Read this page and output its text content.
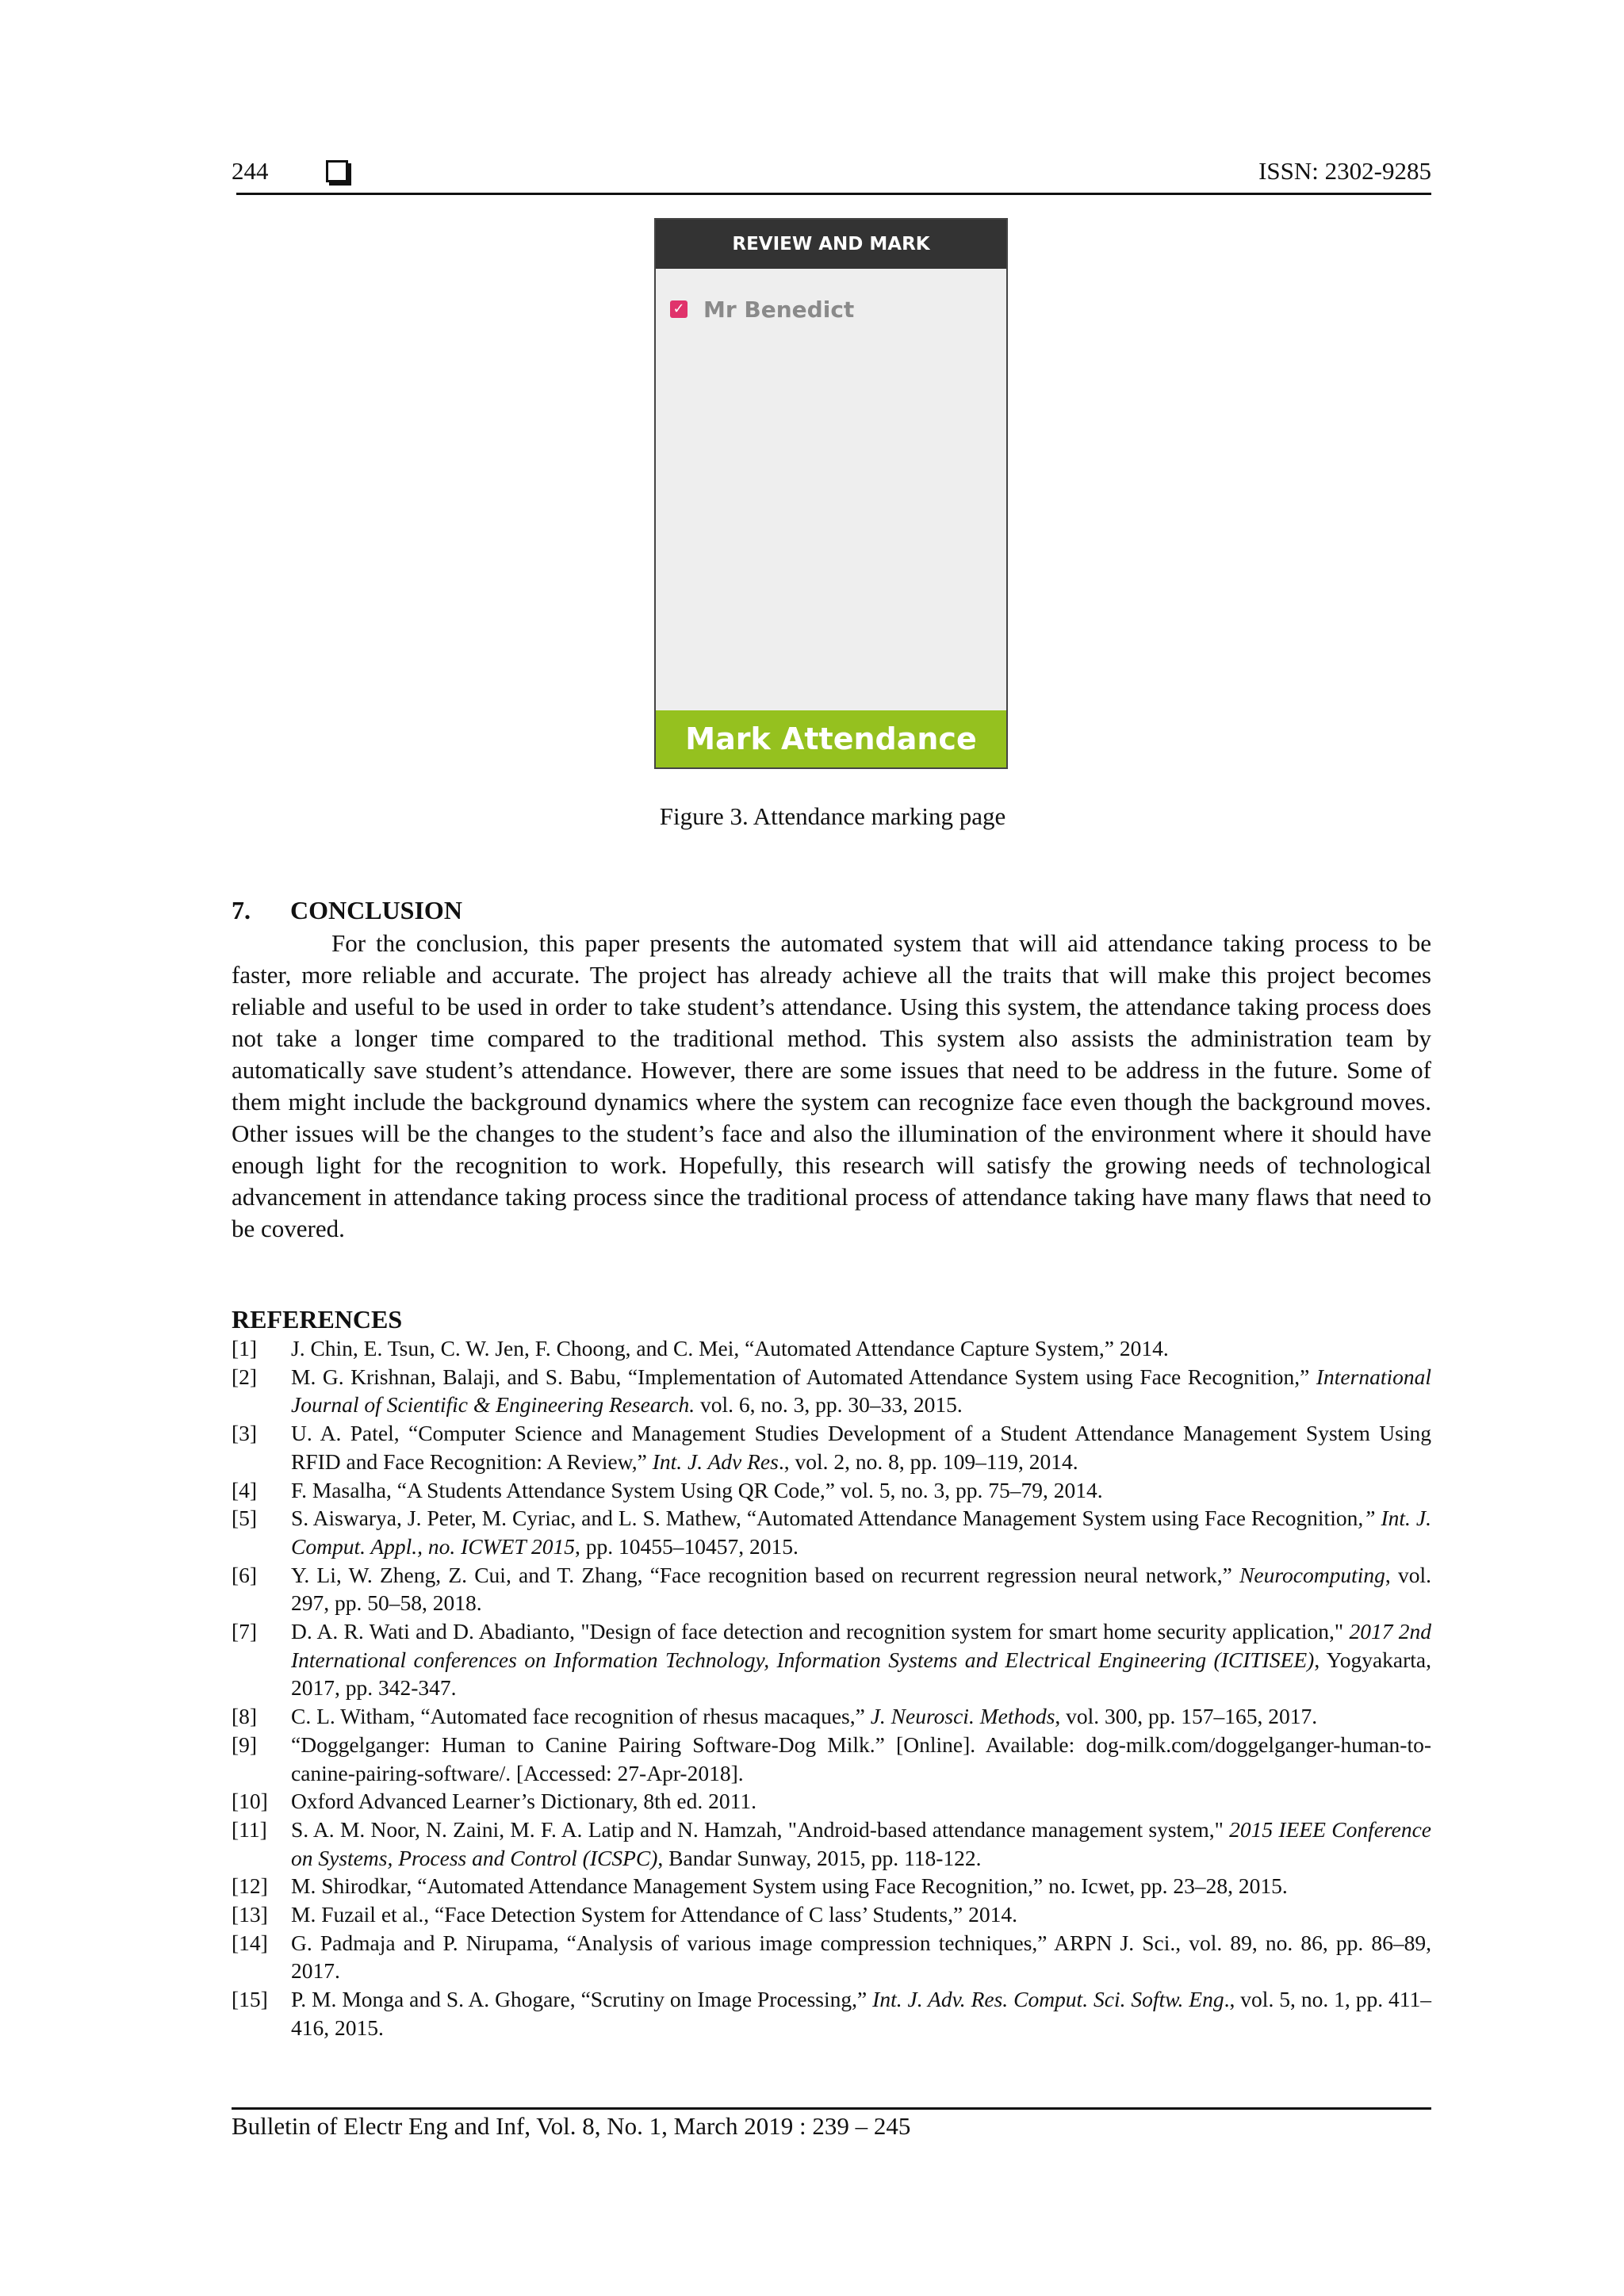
244	ISSN: 2302-9285
REVIEW AND MARK
✓ Mr Benedict
Mark Attendance
Figure 3. Attendance marking page
7. CONCLUSION

For the conclusion, this paper presents the automated system that will aid attendance taking process to be faster, more reliable and accurate. The project has already achieve all the traits that will make this project becomes reliable and useful to be used in order to take student’s attendance. Using this system, the attendance taking process does not take a longer time compared to the traditional method. This system also assists the administration team by automatically save student’s attendance. However, there are some issues that need to be address in the future. Some of them might include the background dynamics where the system can recognize face even though the background moves. Other issues will be the changes to the student’s face and also the illumination of the environment where it should have enough light for the recognition to work. Hopefully, this research will satisfy the growing needs of technological advancement in attendance taking process since the traditional process of attendance taking have many flaws that need to be covered.

REFERENCES
[1] J. Chin, E. Tsun, C. W. Jen, F. Choong, and C. Mei, “Automated Attendance Capture System,” 2014.
[2] M. G. Krishnan, Balaji, and S. Babu, “Implementation of Automated Attendance System using Face Recognition,” International Journal of Scientific & Engineering Research. vol. 6, no. 3, pp. 30–33, 2015.
[3] U. A. Patel, “Computer Science and Management Studies Development of a Student Attendance Management System Using RFID and Face Recognition: A Review,” Int. J. Adv Res., vol. 2, no. 8, pp. 109–119, 2014.
[4] F. Masalha, “A Students Attendance System Using QR Code,” vol. 5, no. 3, pp. 75–79, 2014.
[5] S. Aiswarya, J. Peter, M. Cyriac, and L. S. Mathew, “Automated Attendance Management System using Face Recognition,” Int. J. Comput. Appl., no. ICWET 2015, pp. 10455–10457, 2015.
[6] Y. Li, W. Zheng, Z. Cui, and T. Zhang, “Face recognition based on recurrent regression neural network,” Neurocomputing, vol. 297, pp. 50–58, 2018.
[7] D. A. R. Wati and D. Abadianto, "Design of face detection and recognition system for smart home security application," 2017 2nd International conferences on Information Technology, Information Systems and Electrical Engineering (ICITISEE), Yogyakarta, 2017, pp. 342-347.
[8] C. L. Witham, “Automated face recognition of rhesus macaques,” J. Neurosci. Methods, vol. 300, pp. 157–165, 2017.
[9] “Doggelganger: Human to Canine Pairing Software-Dog Milk.” [Online]. Available: dog-milk.com/doggelganger-human-to-canine-pairing-software/. [Accessed: 27-Apr-2018].
[10] Oxford Advanced Learner’s Dictionary, 8th ed. 2011.
[11] S. A. M. Noor, N. Zaini, M. F. A. Latip and N. Hamzah, "Android-based attendance management system," 2015 IEEE Conference on Systems, Process and Control (ICSPC), Bandar Sunway, 2015, pp. 118-122.
[12] M. Shirodkar, “Automated Attendance Management System using Face Recognition,” no. Icwet, pp. 23–28, 2015.
[13] M. Fuzail et al., “Face Detection System for Attendance of C lass’ Students,” 2014.
[14] G. Padmaja and P. Nirupama, “Analysis of various image compression techniques,” ARPN J. Sci., vol. 89, no. 86, pp. 86–89, 2017.
[15] P. M. Monga and S. A. Ghogare, “Scrutiny on Image Processing,” Int. J. Adv. Res. Comput. Sci. Softw. Eng., vol. 5, no. 1, pp. 411–416, 2015.
Bulletin of Electr Eng and Inf, Vol. 8, No. 1, March 2019 : 239 – 245
